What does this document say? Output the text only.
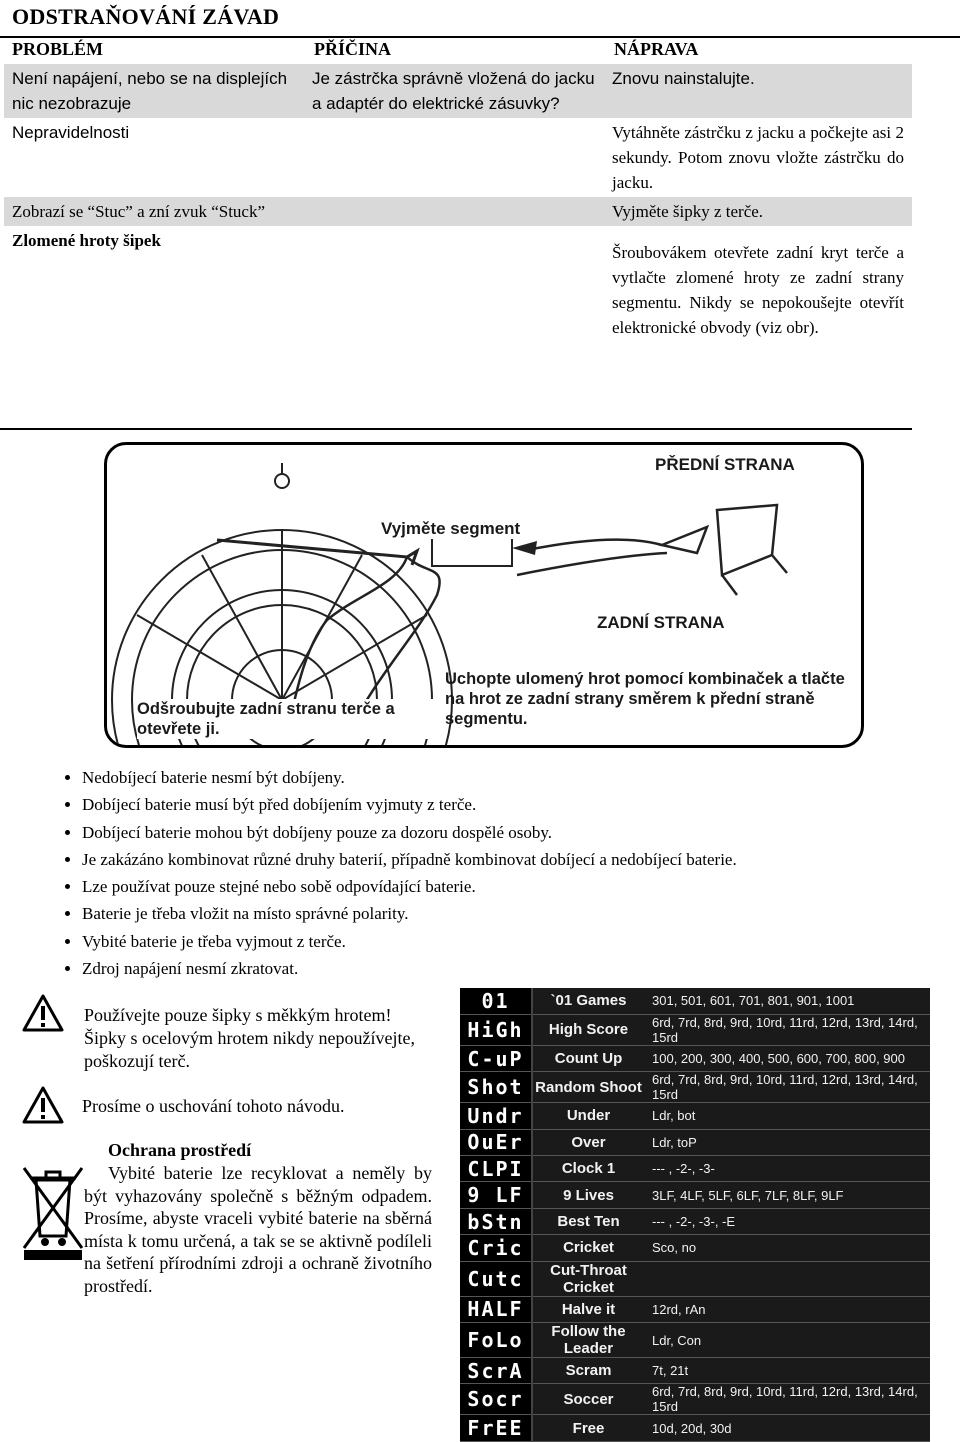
ODSTRAŇOVÁNÍ ZÁVAD
PROBLÉM	PŘÍČINA	NÁPRAVA
Není napájení, nebo se na displejích nic nezobrazuje	Je zástrčka správně vložená do jacku a adaptér do elektrické zásuvky?	Znovu nainstalujte.
Nepravidelnosti		Vytáhněte zástrčku z jacku a počkejte asi 2 sekundy. Potom znovu vložte zástrčku do jacku.
Zobrazí se “Stuc” a zní zvuk “Stuck”		Vyjměte šipky z terče.
Zlomené hroty šipek		Šroubovákem otevřete zadní kryt terče a vytlačte zlomené hroty ze zadní strany segmentu. Nikdy se nepokoušejte otevřít elektronické obvody (viz obr).
PŘEDNÍ STRANA
Vyjměte segment
ZADNÍ STRANA
Uchopte ulomený hrot pomocí kombinaček a tlačte na hrot ze zadní strany směrem k přední straně segmentu.
Odšroubujte zadní stranu terče a otevřete ji.
• Nedobíjecí baterie nesmí být dobíjeny.
• Dobíjecí baterie musí být před dobíjením vyjmuty z terče.
• Dobíjecí baterie mohou být dobíjeny pouze za dozoru dospělé osoby.
• Je zakázáno kombinovat různé druhy baterií, případně kombinovat dobíjecí a nedobíjecí baterie.
• Lze používat pouze stejné nebo sobě odpovídající baterie.
• Baterie je třeba vložit na místo správné polarity.
• Vybité baterie je třeba vyjmout z terče.
• Zdroj napájení nesmí zkratovat.
Používejte pouze šipky s měkkým hrotem! Šipky s ocelovým hrotem nikdy nepoužívejte, poškozují terč.
Prosíme o uschování tohoto návodu.
Ochrana prostředí
Vybité baterie lze recyklovat a neměly by být vyhazovány společně s běžným odpadem. Prosíme, abyste vraceli vybité baterie na sběrná místa k tomu určená, a tak se se aktivně podíleli na šetření přírodními zdroji a ochraně životního prostředí.
01	`01 Games	301, 501, 601, 701, 801, 901, 1001
HiGh	High Score	6rd, 7rd, 8rd, 9rd, 10rd, 11rd, 12rd, 13rd, 14rd, 15rd
C-uP	Count Up	100, 200, 300, 400, 500, 600, 700, 800, 900
Shot	Random Shoot	6rd, 7rd, 8rd, 9rd, 10rd, 11rd, 12rd, 13rd, 14rd, 15rd
Undr	Under	Ldr, bot
OuEr	Over	Ldr, toP
CLPI	Clock 1	--- , -2-, -3-
9 LF	9 Lives	3LF, 4LF, 5LF, 6LF, 7LF, 8LF, 9LF
bStn	Best Ten	--- , -2-, -3-, -E
Cric	Cricket	Sco, no
Cutc	Cut-Throat Cricket	
HALF	Halve it	12rd, rAn
FoLo	Follow the Leader	Ldr, Con
ScrA	Scram	7t, 21t
Socr	Soccer	6rd, 7rd, 8rd, 9rd, 10rd, 11rd, 12rd, 13rd, 14rd, 15rd
FrEE	Free	10d, 20d, 30d
